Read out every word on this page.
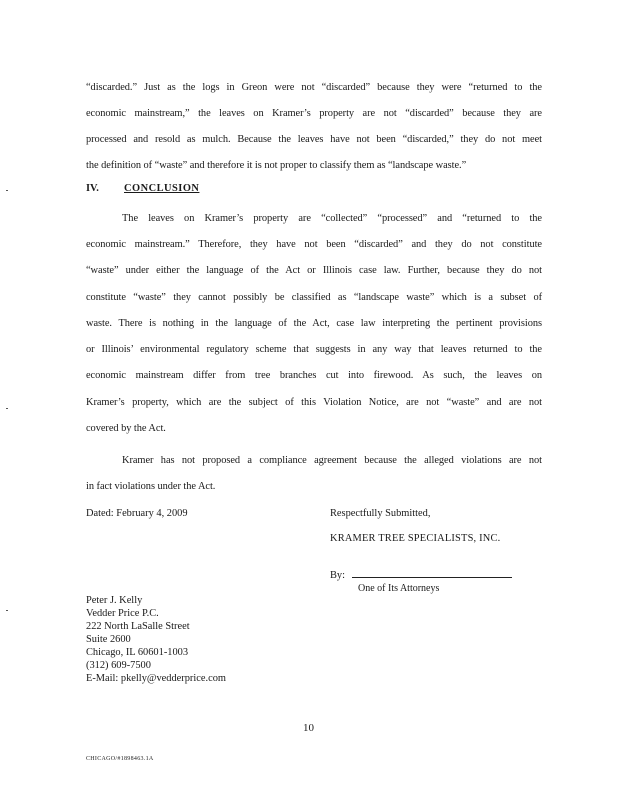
“discarded.” Just as the logs in Greon were not “discarded” because they were “returned to the
economic mainstream,” the leaves on Kramer’s property are not “discarded” because they are
processed and resold as mulch. Because the leaves have not been “discarded,” they do not meet
the definition of “waste” and therefore it is not proper to classify them as “landscape waste.”
IV. CONCLUSION
The leaves on Kramer’s property are “collected” “processed” and “returned to the
economic mainstream.” Therefore, they have not been “discarded” and they do not constitute
“waste” under either the language of the Act or Illinois case law. Further, because they do not
constitute “waste” they cannot possibly be classified as “landscape waste” which is a subset of
waste. There is nothing in the language of the Act, case law interpreting the pertinent provisions
or Illinois’ environmental regulatory scheme that suggests in any way that leaves returned to the
economic mainstream differ from tree branches cut into firewood. As such, the leaves on
Kramer’s property, which are the subject of this Violation Notice, are not “waste” and are not
covered by the Act.
Kramer has not proposed a compliance agreement because the alleged violations are not
in fact violations under the Act.
Dated: February 4, 2009	Respectfully Submitted,
KRAMER TREE SPECIALISTS, INC.
By:
One of Its Attorneys
Peter J. Kelly
Vedder Price P.C.
222 North LaSalle Street
Suite 2600
Chicago, IL 60601-1003
(312) 609-7500
E-Mail: pkelly@vedderprice.com
10
CHICAGO/#1898463.1A
